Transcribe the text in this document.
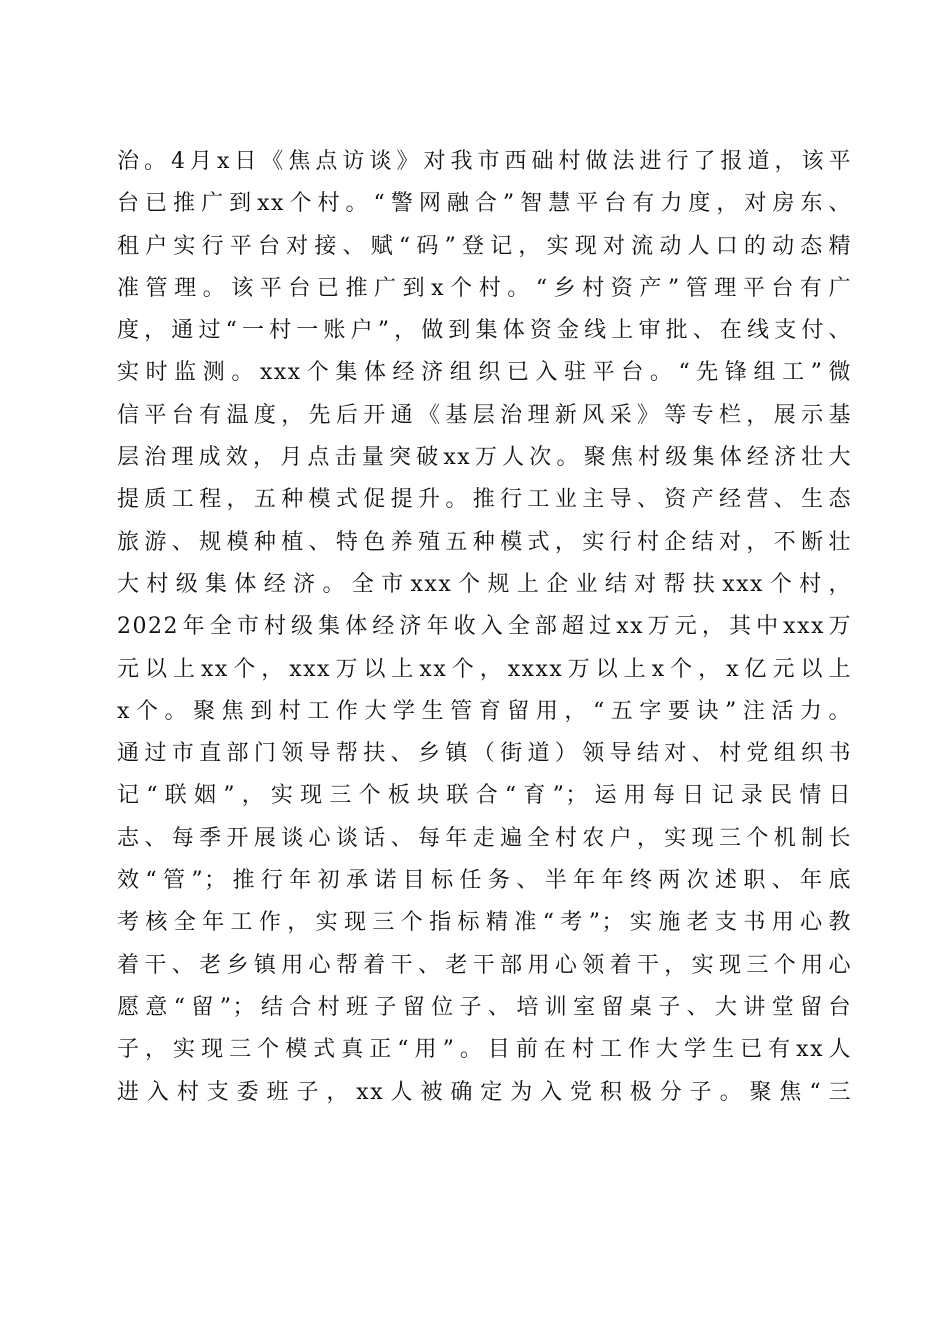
治。4月x日《焦点访谈》对我市西础村做法进行了报道，该平
台已推广到xx个村。“警网融合”智慧平台有力度，对房东、
租户实行平台对接、赋“码”登记，实现对流动人口的动态精
准管理。该平台已推广到x个村。“乡村资产”管理平台有广
度，通过“一村一账户”，做到集体资金线上审批、在线支付、
实时监测。xxx个集体经济组织已入驻平台。“先锋组工”微
信平台有温度，先后开通《基层治理新风采》等专栏，展示基
层治理成效，月点击量突破xx万人次。聚焦村级集体经济壮大
提质工程，五种模式促提升。推行工业主导、资产经营、生态
旅游、规模种植、特色养殖五种模式，实行村企结对，不断壮
大村级集体经济。全市xxx个规上企业结对帮扶xxx个村，
2022年全市村级集体经济年收入全部超过xx万元，其中xxx万
元以上xx个，xxx万以上xx个，xxxx万以上x个，x亿元以上
x个。聚焦到村工作大学生管育留用，“五字要诀”注活力。
通过市直部门领导帮扶、乡镇（街道）领导结对、村党组织书
记“联姻”，实现三个板块联合“育”；运用每日记录民情日
志、每季开展谈心谈话、每年走遍全村农户，实现三个机制长
效“管”；推行年初承诺目标任务、半年年终两次述职、年底
考核全年工作，实现三个指标精准“考”；实施老支书用心教
着干、老乡镇用心帮着干、老干部用心领着干，实现三个用心
愿意“留”；结合村班子留位子、培训室留桌子、大讲堂留台
子，实现三个模式真正“用”。目前在村工作大学生已有xx人
进入村支委班子，xx人被确定为入党积极分子。聚焦“三
